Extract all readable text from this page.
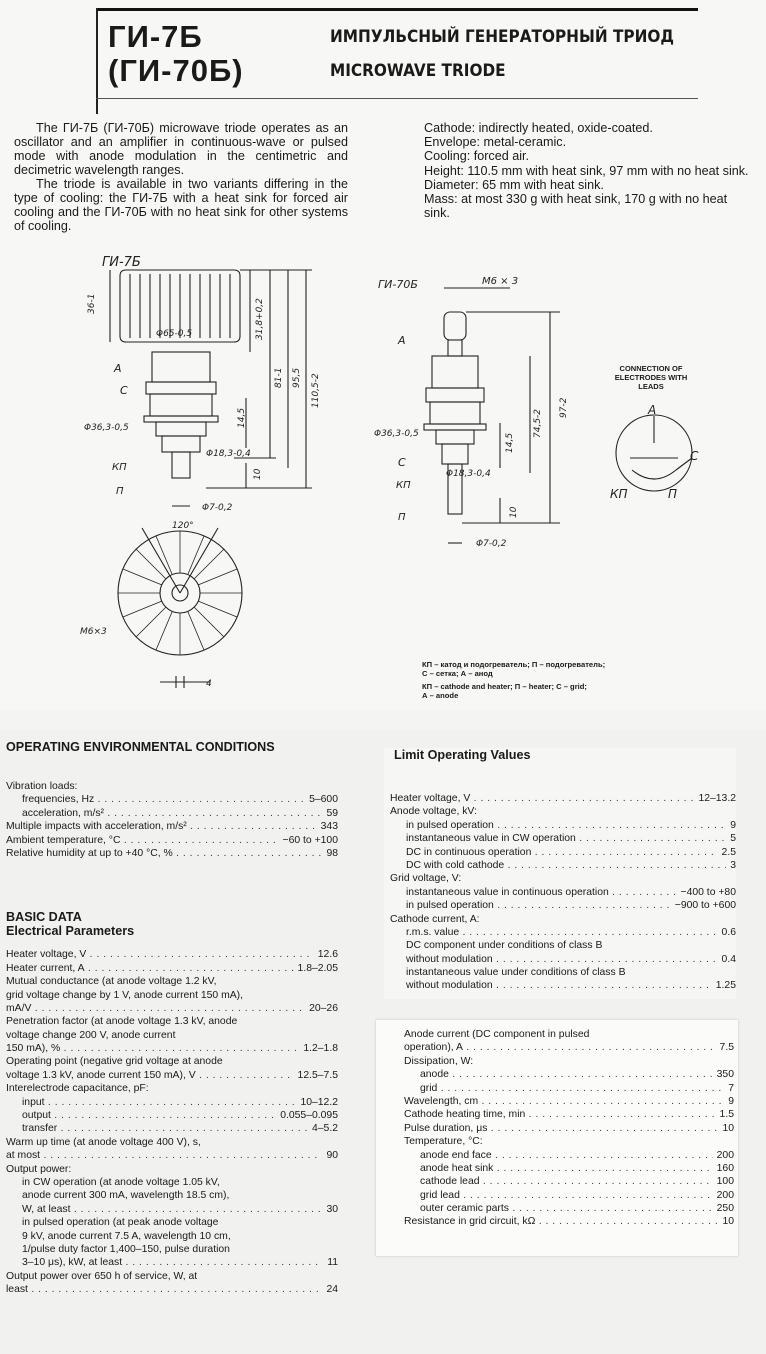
ГИ-7Б
(ГИ-70Б)
ИМПУЛЬСНЫЙ ГЕНЕРАТОРНЫЙ ТРИОД
MICROWAVE TRIODE

The ГИ-7Б (ГИ-70Б) microwave triode operates as an oscillator and an amplifier in continuous-wave or pulsed mode with anode modulation in the centimetric and decimetric wavelength ranges.

The triode is available in two variants differing in the type of cooling: the ГИ-7Б with a heat sink for forced air cooling and the ГИ-70Б with no heat sink for other systems of cooling.

Cathode: indirectly heated, oxide-coated.
Envelope: metal-ceramic.
Cooling: forced air.
Height: 110.5 mm with heat sink, 97 mm with no heat sink.
Diameter: 65 mm with heat sink.
Mass: at most 330 g with heat sink, 170 g with no heat sink.
ГИ-7Б
ГИ-70Б
36-1
Φ65-0,5	31,8+0,2
81-1 95,5 110,5-2
Φ36,3-0,5	14,5
Φ18,3-0,4
10
Φ7-0,2
120°
M6×3
4
M6 × 3
97-2
74,5-2
Φ36,3-0,5	14,5
Φ18,3-0,4
10
Φ7-0,2
A
C
КП
П
A
C
КП
П
A
C
КП	П
CONNECTION OF ELECTRODES WITH LEADS
КП – катод и подогреватель; П – подогреватель;
С – сетка; А – анод
КП – cathode and heater; П – heater; С – grid;
А – anode
OPERATING ENVIRONMENTAL CONDITIONS
Vibration loads:
frequencies, Hz . . .	5–600
acceleration, m/s² . . .	59
Multiple impacts with acceleration, m/s² . . .	343
Ambient temperature, °C . . .	−60 to +100
Relative humidity at up to +40 °C, % . . .	98
BASIC DATA
Electrical Parameters
Heater voltage, V . . .	12.6
Heater current, A . . .	1.8–2.05
Mutual conductance (at anode voltage 1.2 kV,
grid voltage change by 1 V, anode current 150 mA),
mA/V . . .	20–26
Penetration factor (at anode voltage 1.3 kV, anode
voltage change 200 V, anode current
150 mA), % . . .	1.2–1.8
Operating point (negative grid voltage at anode
voltage 1.3 kV, anode current 150 mA), V . . .	12.5–7.5
Interelectrode capacitance, pF:
input . . .	10–12.2
output . . .	0.055–0.095
transfer . . .	4–5.2
Warm up time (at anode voltage 400 V), s,
at most . . .	90
Output power:
in CW operation (at anode voltage 1.05 kV,
anode current 300 mA, wavelength 18.5 cm),
W, at least . . .	30
in pulsed operation (at peak anode voltage
9 kV, anode current 7.5 A, wavelength 10 cm,
1/pulse duty factor 1,400–150, pulse duration
3–10 μs), kW, at least . . .	11
Output power over 650 h of service, W, at
least . . .	24
Limit Operating Values
Heater voltage, V . . .	12–13.2
Anode voltage, kV:
in pulsed operation . . .	9
instantaneous value in CW operation . . .	5
DC in continuous operation . . .	2.5
DC with cold cathode . . .	3
Grid voltage, V:
instantaneous value in continuous operation . . .	−400 to +80
in pulsed operation . . .	−900 to +600
Cathode current, A:
r.m.s. value . . .	0.6
DC component under conditions of class B
without modulation . . .	0.4
instantaneous value under conditions of class B
without modulation . . .	1.25
Anode current (DC component in pulsed
operation), A . . .	7.5
Dissipation, W:
anode . . .	350
grid . . .	7
Wavelength, cm . . .	9
Cathode heating time, min . . .	1.5
Pulse duration, μs . . .	10
Temperature, °C:
anode end face . . .	200
anode heat sink . . .	160
cathode lead . . .	100
grid lead . . .	200
outer ceramic parts . . .	250
Resistance in grid circuit, kΩ . . .	10
